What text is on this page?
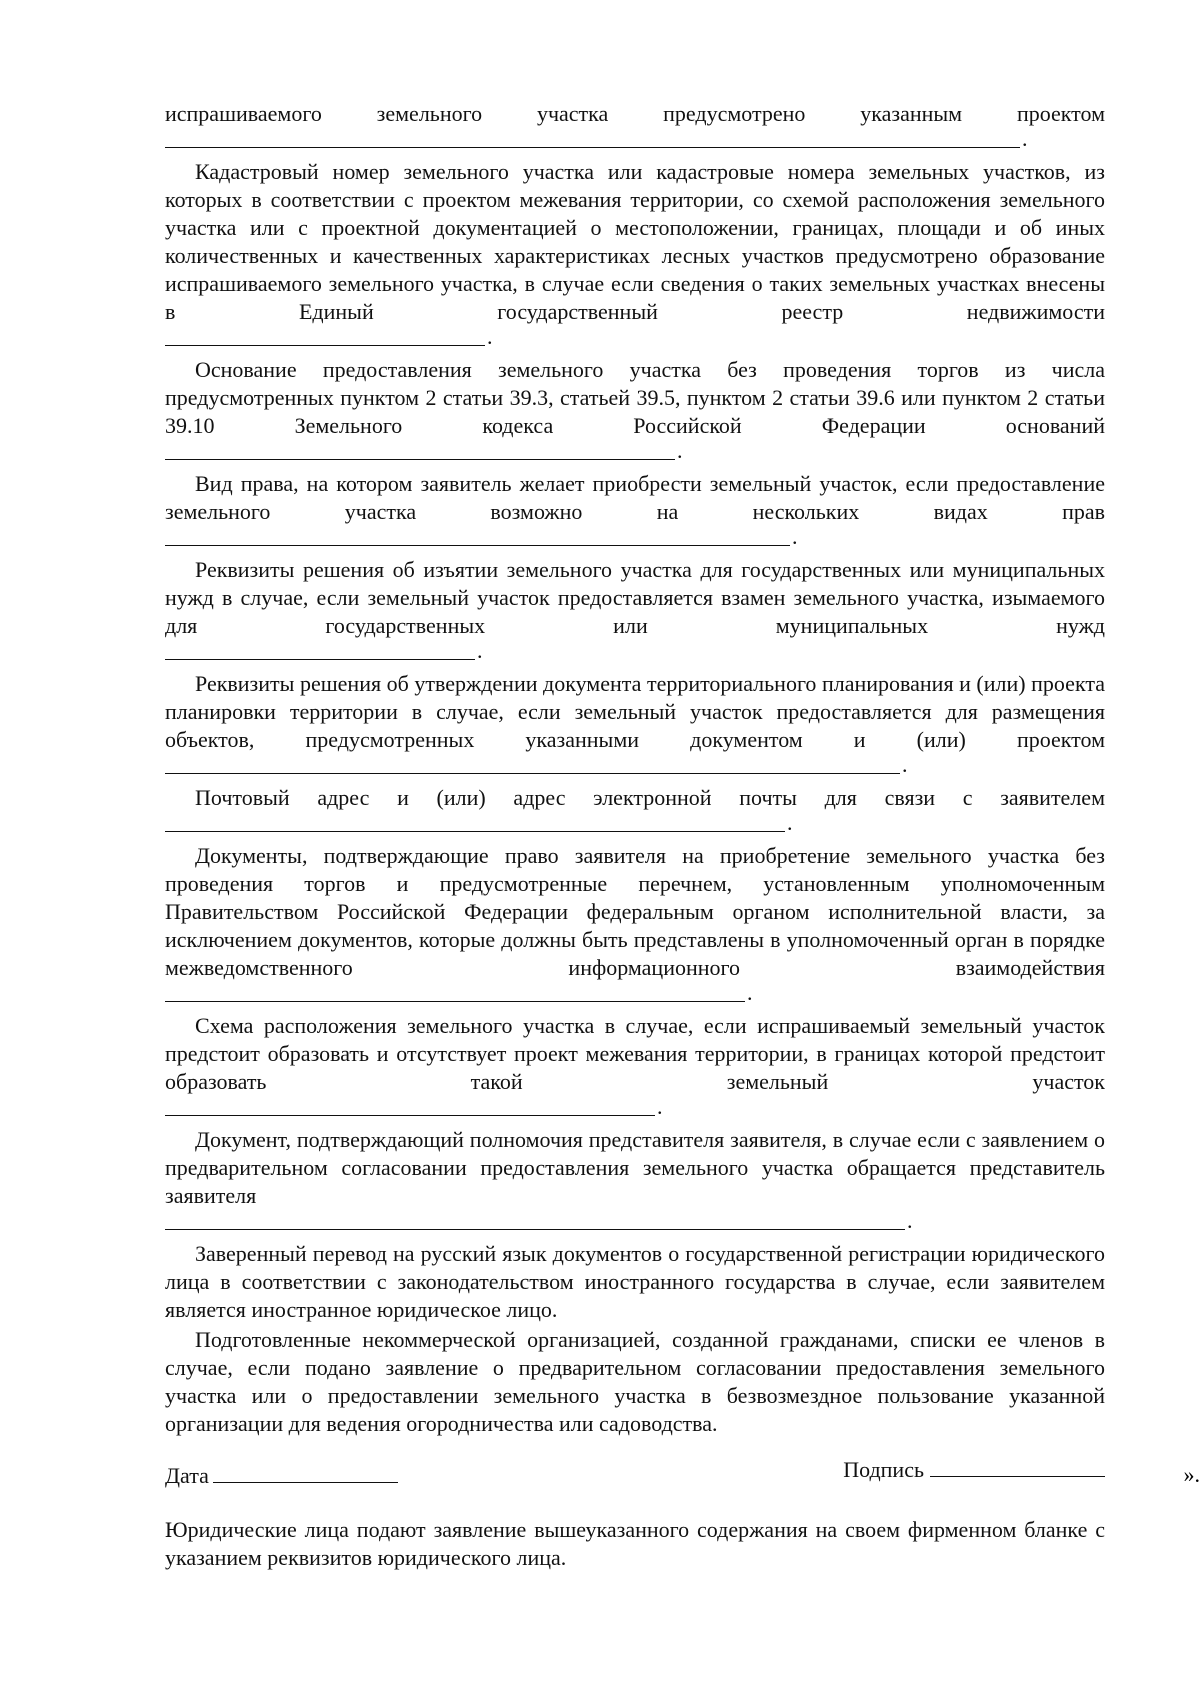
испрашиваемого земельного участка предусмотрено указанным проектом

.

Кадастровый номер земельного участка или кадастровые номера земельных участков, из которых в соответствии с проектом межевания территории, со схемой расположения земельного участка или с проектной документацией о местоположении, границах, площади и об иных количественных и качественных характеристиках лесных участков предусмотрено образование испрашиваемого земельного участка, в случае если сведения о таких земельных участках внесены в Единый государственный реестр недвижимости

.

Основание предоставления земельного участка без проведения торгов из числа предусмотренных пунктом 2 статьи 39.3, статьей 39.5, пунктом 2 статьи 39.6 или пунктом 2 статьи 39.10 Земельного кодекса Российской Федерации оснований

.

Вид права, на котором заявитель желает приобрести земельный участок, если предоставление земельного участка возможно на нескольких видах прав

.

Реквизиты решения об изъятии земельного участка для государственных или муниципальных нужд в случае, если земельный участок предоставляется взамен земельного участка, изымаемого для государственных или муниципальных нужд

.

Реквизиты решения об утверждении документа территориального планирования и (или) проекта планировки территории в случае, если земельный участок предоставляется для размещения объектов, предусмотренных указанными документом и (или) проектом

.

Почтовый адрес и (или) адрес электронной почты для связи с заявителем

.

Документы, подтверждающие право заявителя на приобретение земельного участка без проведения торгов и предусмотренные перечнем, установленным уполномоченным Правительством Российской Федерации федеральным органом исполнительной власти, за исключением документов, которые должны быть представлены в уполномоченный орган в порядке межведомственного информационного взаимодействия

.

Схема расположения земельного участка в случае, если испрашиваемый земельный участок предстоит образовать и отсутствует проект межевания территории, в границах которой предстоит образовать такой земельный участок

.

Документ, подтверждающий полномочия представителя заявителя, в случае если с заявлением о предварительном согласовании предоставления земельного участка обращается представитель заявителя

.

Заверенный перевод на русский язык документов о государственной регистрации юридического лица в соответствии с законодательством иностранного государства в случае, если заявителем является иностранное юридическое лицо.

Подготовленные некоммерческой организацией, созданной гражданами, списки ее членов в случае, если подано заявление о предварительном согласовании предоставления земельного участка или о предоставлении земельного участка в безвозмездное пользование указанной организации для ведения огородничества или садоводства.

Дата	Подпись

Юридические лица подают заявление вышеуказанного содержания на своем фирменном бланке с указанием реквизитов юридического лица.

».
